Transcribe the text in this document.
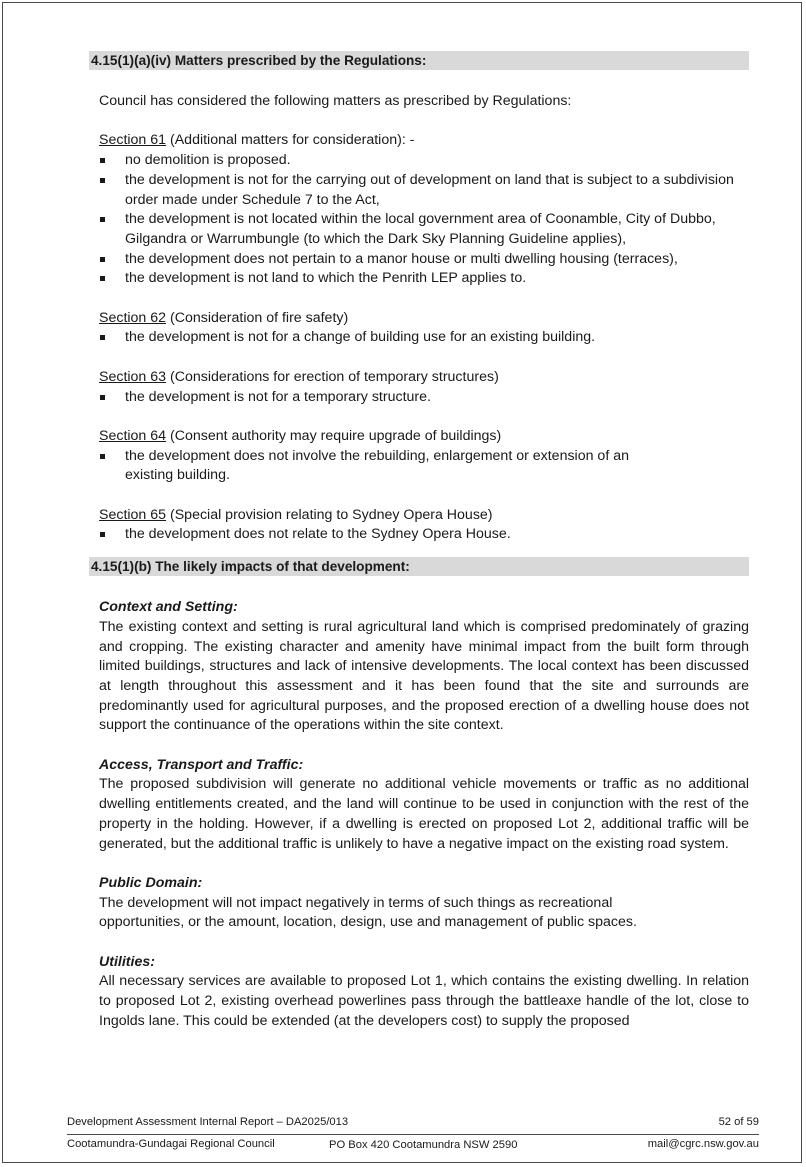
4.15(1)(a)(iv) Matters prescribed by the Regulations:
Council has considered the following matters as prescribed by Regulations:
Section 61 (Additional matters for consideration): -
no demolition is proposed.
the development is not for the carrying out of development on land that is subject to a subdivision order made under Schedule 7 to the Act,
the development is not located within the local government area of Coonamble, City of Dubbo, Gilgandra or Warrumbungle (to which the Dark Sky Planning Guideline applies),
the development does not pertain to a manor house or multi dwelling housing (terraces),
the development is not land to which the Penrith LEP applies to.
Section 62 (Consideration of fire safety)
the development is not for a change of building use for an existing building.
Section 63 (Considerations for erection of temporary structures)
the development is not for a temporary structure.
Section 64 (Consent authority may require upgrade of buildings)
the development does not involve the rebuilding, enlargement or extension of an existing building.
Section 65 (Special provision relating to Sydney Opera House)
the development does not relate to the Sydney Opera House.
4.15(1)(b) The likely impacts of that development:
Context and Setting:
The existing context and setting is rural agricultural land which is comprised predominately of grazing and cropping. The existing character and amenity have minimal impact from the built form through limited buildings, structures and lack of intensive developments. The local context has been discussed at length throughout this assessment and it has been found that the site and surrounds are predominantly used for agricultural purposes, and the proposed erection of a dwelling house does not support the continuance of the operations within the site context.
Access, Transport and Traffic:
The proposed subdivision will generate no additional vehicle movements or traffic as no additional dwelling entitlements created, and the land will continue to be used in conjunction with the rest of the property in the holding. However, if a dwelling is erected on proposed Lot 2, additional traffic will be generated, but the additional traffic is unlikely to have a negative impact on the existing road system.
Public Domain:
The development will not impact negatively in terms of such things as recreational opportunities, or the amount, location, design, use and management of public spaces.
Utilities:
All necessary services are available to proposed Lot 1, which contains the existing dwelling. In relation to proposed Lot 2, existing overhead powerlines pass through the battleaxe handle of the lot, close to Ingolds lane. This could be extended (at the developers cost) to supply the proposed
Development Assessment Internal Report – DA2025/013	52 of 59
Cootamundra-Gundagai Regional Council	mail@cgrc.nsw.gov.au
PO Box 420 Cootamundra NSW 2590
